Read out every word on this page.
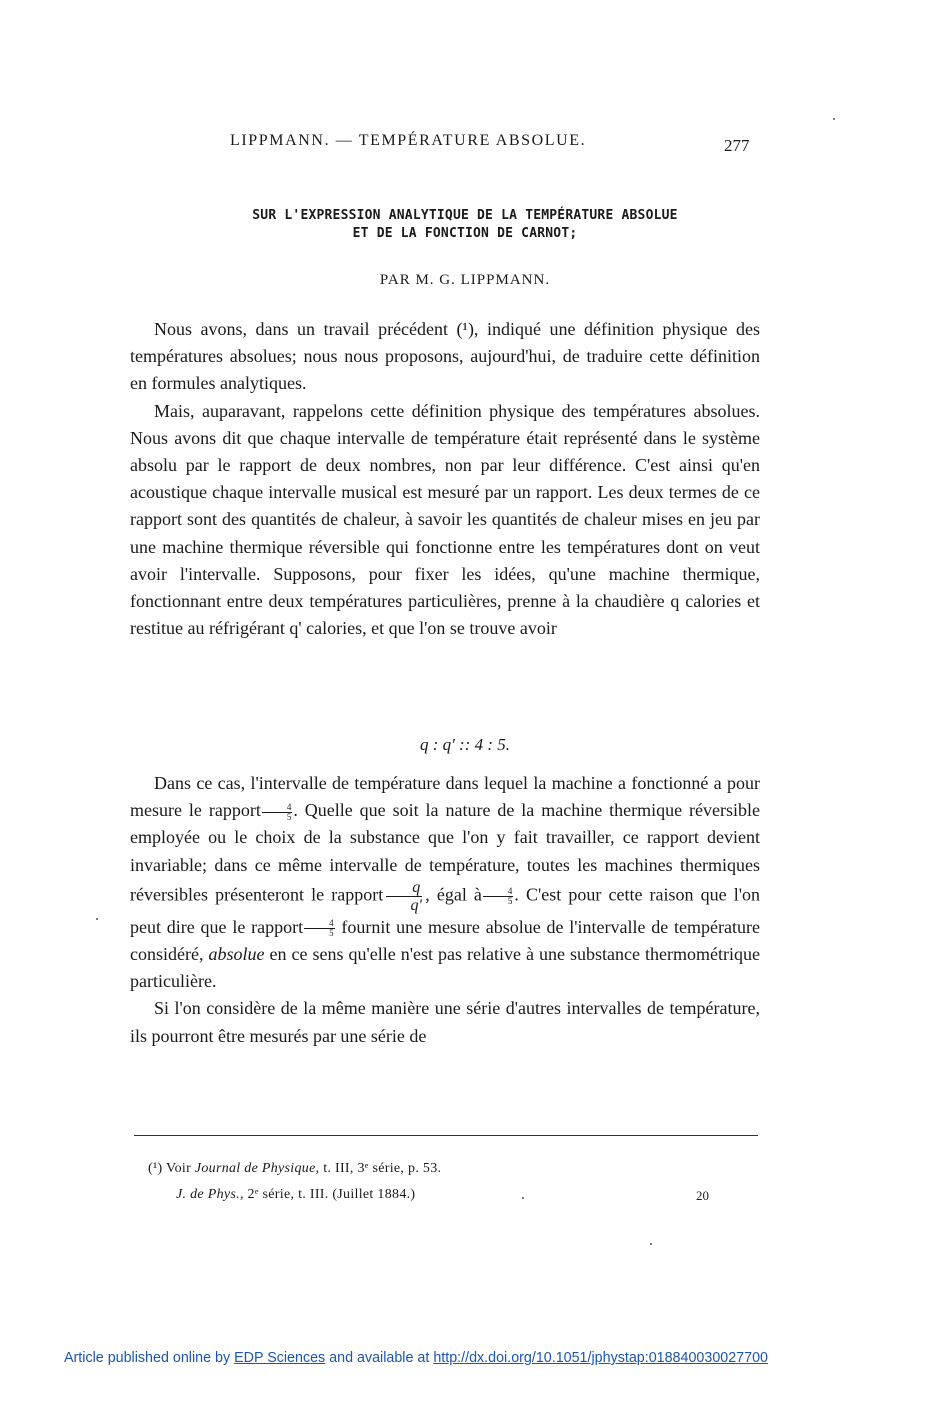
LIPPMANN. — TEMPÉRATURE ABSOLUE.	277
SUR L'EXPRESSION ANALYTIQUE DE LA TEMPÉRATURE ABSOLUE
ET DE LA FONCTION DE CARNOT;
PAR M. G. LIPPMANN.

Nous avons, dans un travail précédent (¹), indiqué une définition physique des températures absolues; nous nous proposons, aujourd'hui, de traduire cette définition en formules analytiques.

Mais, auparavant, rappelons cette définition physique des températures absolues. Nous avons dit que chaque intervalle de température était représenté dans le système absolu par le rapport de deux nombres, non par leur différence. C'est ainsi qu'en acoustique chaque intervalle musical est mesuré par un rapport. Les deux termes de ce rapport sont des quantités de chaleur, à savoir les quantités de chaleur mises en jeu par une machine thermique réversible qui fonctionne entre les températures dont on veut avoir l'intervalle. Supposons, pour fixer les idées, qu'une machine thermique, fonctionnant entre deux températures particulières, prenne à la chaudière q calories et restitue au réfrigérant q' calories, et que l'on se trouve avoir

q : q' :: 4 : 5.

Dans ce cas, l'intervalle de température dans lequel la machine a fonctionné a pour mesure le rapport $\frac{4}{5}$ . Quelle que soit la nature de la machine thermique réversible employée ou le choix de la substance que l'on y fait travailler, ce rapport devient invariable; dans ce même intervalle de température, toutes les machines thermiques réversibles présenteront le rapport $\frac{q}{q'}$ , égal à $\frac{4}{5}$ . C'est pour cette raison que l'on peut dire que le rapport $\frac{4}{5}$ fournit une mesure absolue de l'intervalle de température considéré, absolue en ce sens qu'elle n'est pas relative à une substance thermométrique particulière.

Si l'on considère de la même manière une série d'autres intervalles de température, ils pourront être mesurés par une série de

(¹) Voir Journal de Physique, t. III, 3ᵉ série, p. 53.
J. de Phys., 2ᵉ série, t. III. (Juillet 1884.)	20
Article published online by EDP Sciences and available at http://dx.doi.org/10.1051/jphystap:018840030027700
